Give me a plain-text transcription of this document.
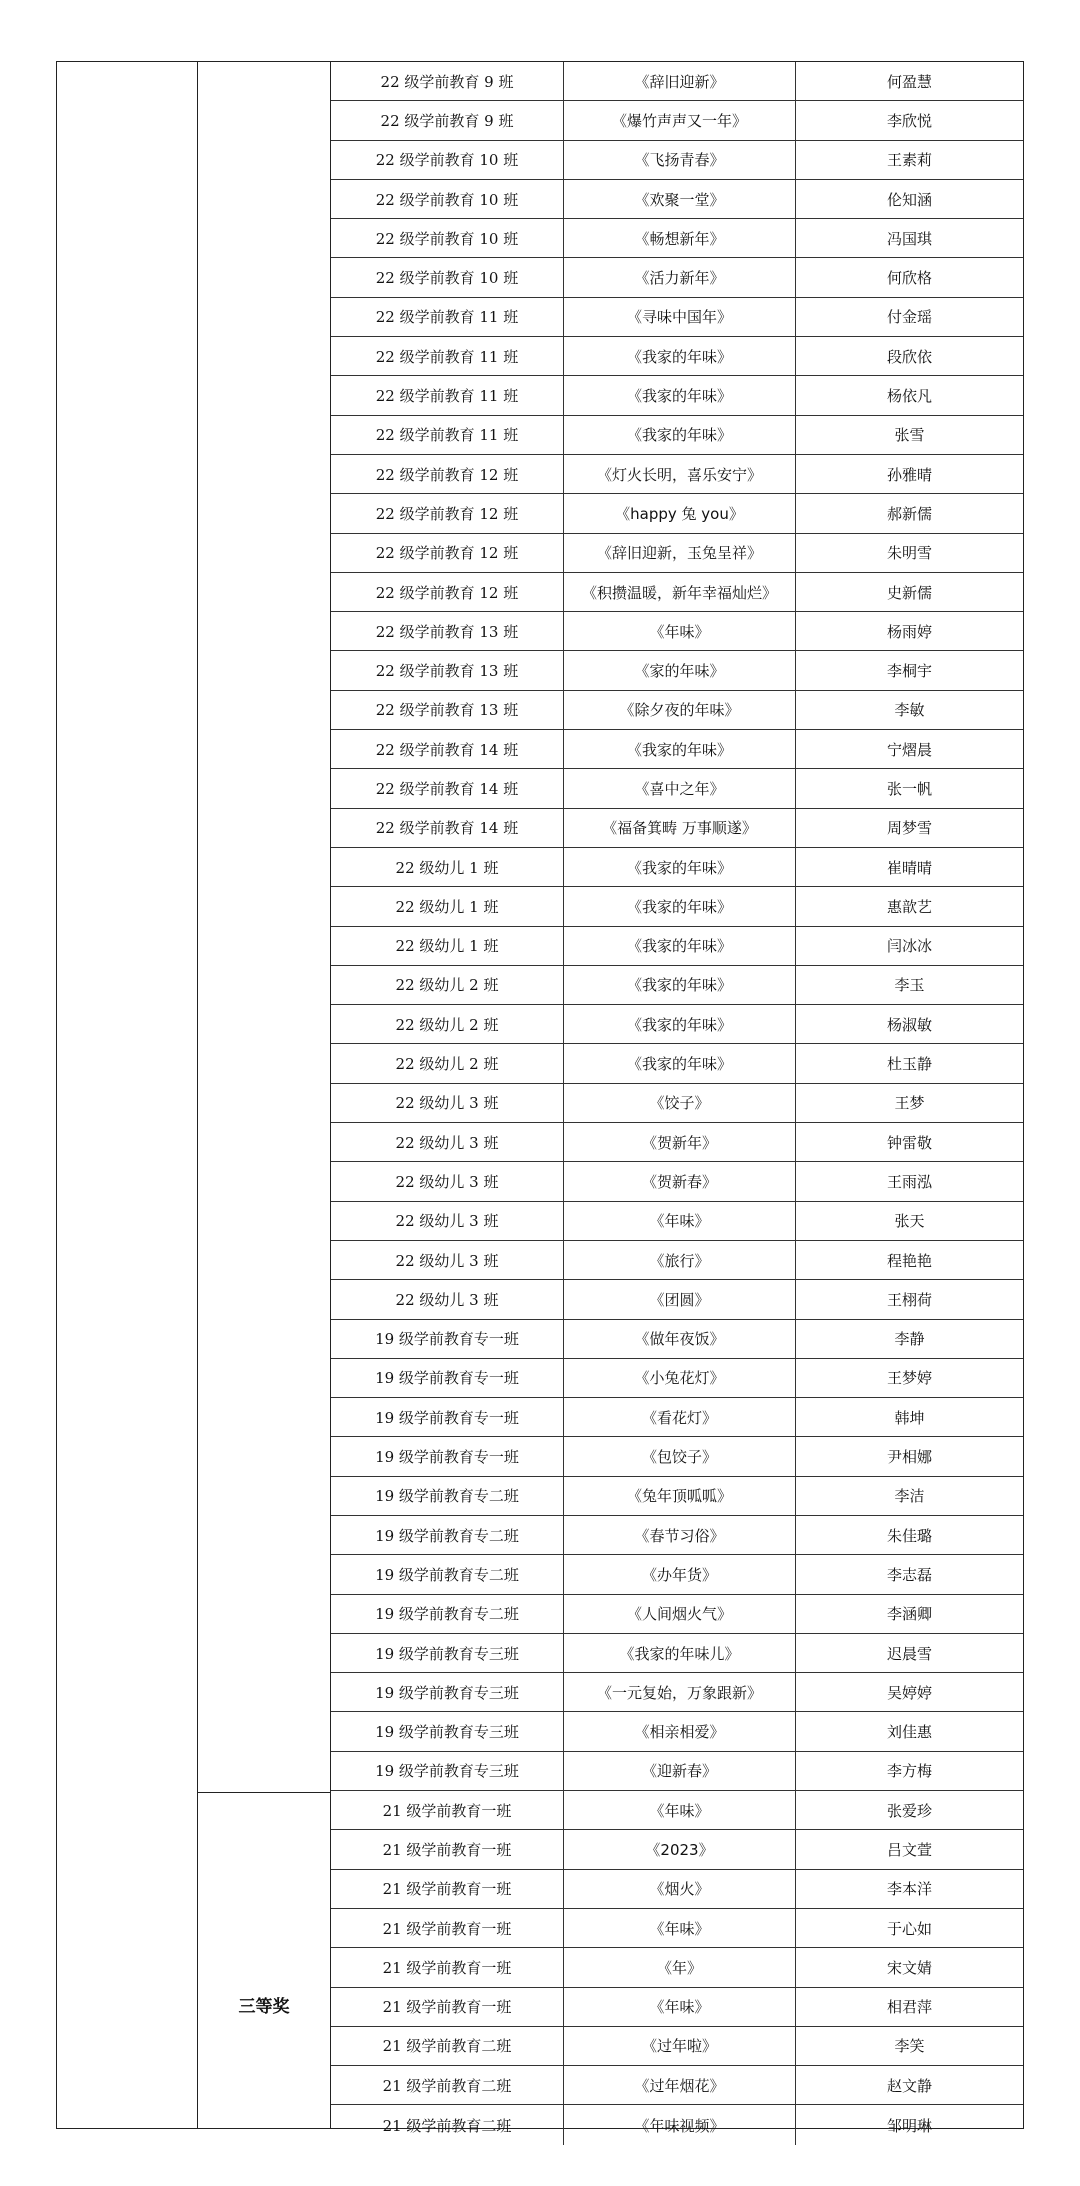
三等奖
22 级学前教育 9 班	《辞旧迎新》	何盈慧
22 级学前教育 9 班	《爆竹声声又一年》	李欣悦
22 级学前教育 10 班	《飞扬青春》	王素莉
22 级学前教育 10 班	《欢聚一堂》	伦知涵
22 级学前教育 10 班	《畅想新年》	冯国琪
22 级学前教育 10 班	《活力新年》	何欣格
22 级学前教育 11 班	《寻味中国年》	付金瑶
22 级学前教育 11 班	《我家的年味》	段欣依
22 级学前教育 11 班	《我家的年味》	杨依凡
22 级学前教育 11 班	《我家的年味》	张雪
22 级学前教育 12 班	《灯火长明，喜乐安宁》	孙雅晴
22 级学前教育 12 班	《happy 兔 you》	郝新儒
22 级学前教育 12 班	《辞旧迎新，玉兔呈祥》	朱明雪
22 级学前教育 12 班	《积攒温暖，新年幸福灿烂》	史新儒
22 级学前教育 13 班	《年味》	杨雨婷
22 级学前教育 13 班	《家的年味》	李桐宇
22 级学前教育 13 班	《除夕夜的年味》	李敏
22 级学前教育 14 班	《我家的年味》	宁熠晨
22 级学前教育 14 班	《喜中之年》	张一帆
22 级学前教育 14 班	《福备箕畴 万事顺遂》	周梦雪
22 级幼儿 1 班	《我家的年味》	崔晴晴
22 级幼儿 1 班	《我家的年味》	惠歆艺
22 级幼儿 1 班	《我家的年味》	闫冰冰
22 级幼儿 2 班	《我家的年味》	李玉
22 级幼儿 2 班	《我家的年味》	杨淑敏
22 级幼儿 2 班	《我家的年味》	杜玉静
22 级幼儿 3 班	《饺子》	王梦
22 级幼儿 3 班	《贺新年》	钟雷敬
22 级幼儿 3 班	《贺新春》	王雨泓
22 级幼儿 3 班	《年味》	张天
22 级幼儿 3 班	《旅行》	程艳艳
22 级幼儿 3 班	《团圆》	王栩荷
19 级学前教育专一班	《做年夜饭》	李静
19 级学前教育专一班	《小兔花灯》	王梦婷
19 级学前教育专一班	《看花灯》	韩坤
19 级学前教育专一班	《包饺子》	尹相娜
19 级学前教育专二班	《兔年顶呱呱》	李洁
19 级学前教育专二班	《春节习俗》	朱佳璐
19 级学前教育专二班	《办年货》	李志磊
19 级学前教育专二班	《人间烟火气》	李涵卿
19 级学前教育专三班	《我家的年味儿》	迟晨雪
19 级学前教育专三班	《一元复始，万象跟新》	吴婷婷
19 级学前教育专三班	《相亲相爱》	刘佳惠
19 级学前教育专三班	《迎新春》	李方梅
21 级学前教育一班	《年味》	张爱珍
21 级学前教育一班	《2023》	吕文萱
21 级学前教育一班	《烟火》	李本洋
21 级学前教育一班	《年味》	于心如
21 级学前教育一班	《年》	宋文婧
21 级学前教育一班	《年味》	相君萍
21 级学前教育二班	《过年啦》	李笑
21 级学前教育二班	《过年烟花》	赵文静
21 级学前教育二班	《年味视频》	邹明琳
